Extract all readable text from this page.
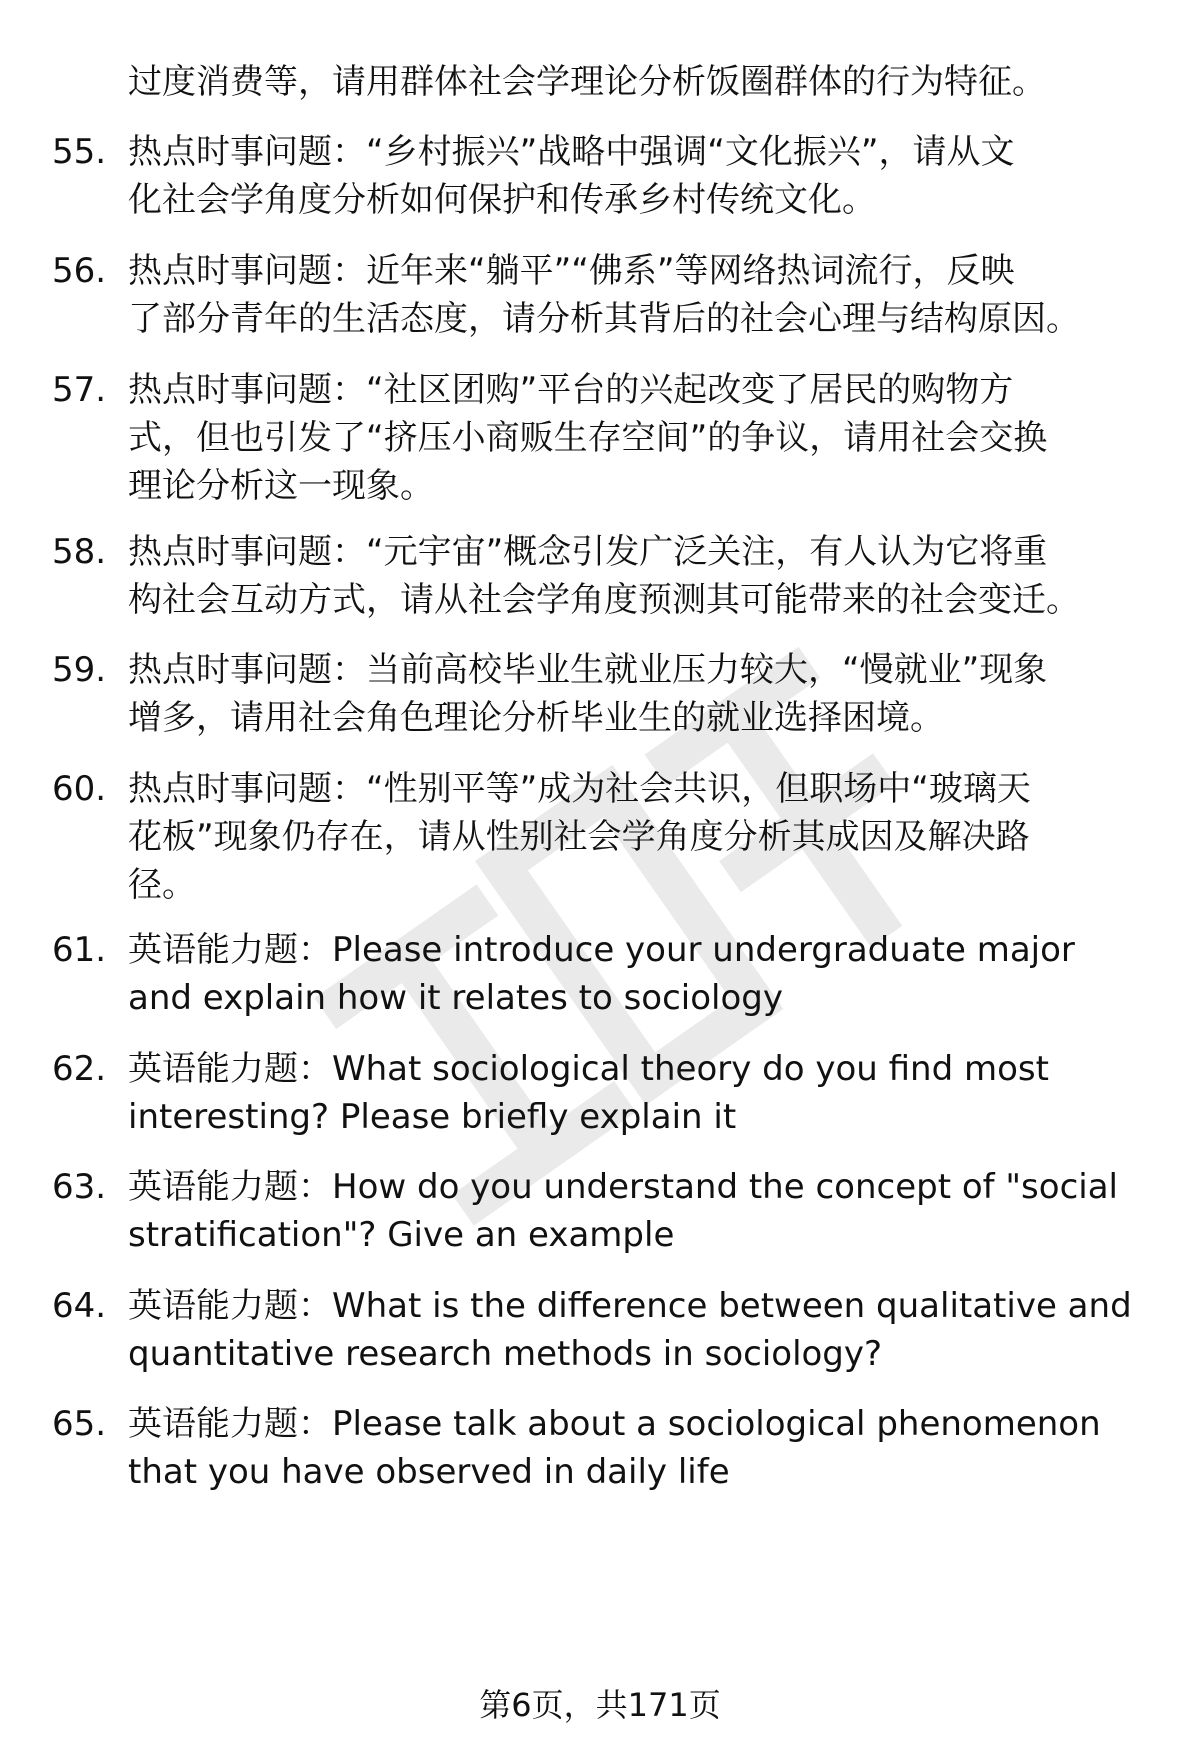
过度消费等，请用群体社会学理论分析饭圈群体的行为特征。
55. 热点时事问题：“乡村振兴”战略中强调“文化振兴”，请从文
化社会学角度分析如何保护和传承乡村传统文化。
56. 热点时事问题：近年来“躺平”“佛系”等网络热词流行，反映
了部分青年的生活态度，请分析其背后的社会心理与结构原因。
57. 热点时事问题：“社区团购”平台的兴起改变了居民的购物方
式，但也引发了“挤压小商贩生存空间”的争议，请用社会交换
理论分析这一现象。
58. 热点时事问题：“元宇宙”概念引发广泛关注，有人认为它将重
构社会互动方式，请从社会学角度预测其可能带来的社会变迁。
59. 热点时事问题：当前高校毕业生就业压力较大，“慢就业”现象
增多，请用社会角色理论分析毕业生的就业选择困境。
60. 热点时事问题：“性别平等”成为社会共识，但职场中“玻璃天
花板”现象仍存在，请从性别社会学角度分析其成因及解决路
径。
61. 英语能力题：Please introduce your undergraduate major
and explain how it relates to sociology
62. 英语能力题：What sociological theory do you find most
interesting? Please briefly explain it
63. 英语能力题：How do you understand the concept of "social
stratification"? Give an example
64. 英语能力题：What is the difference between qualitative and
quantitative research methods in sociology?
65. 英语能力题：Please talk about a sociological phenomenon
that you have observed in daily life
第6页，共171页
